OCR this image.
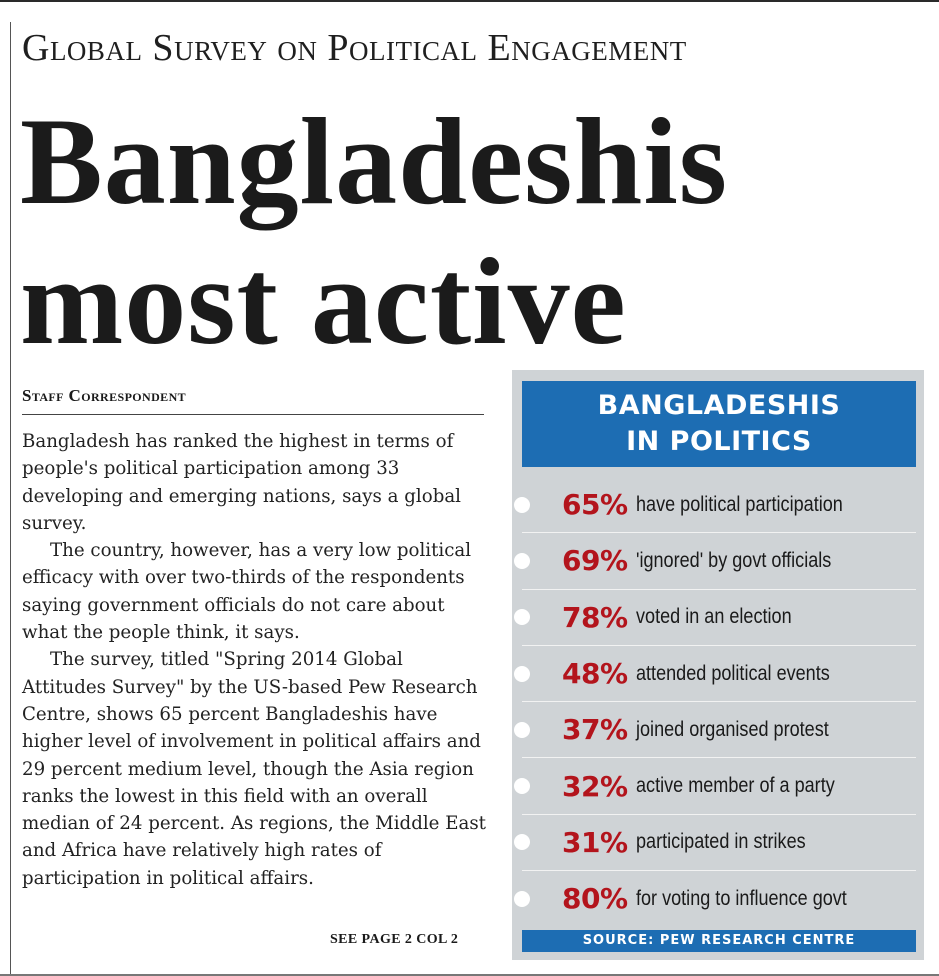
Global Survey on Political Engagement
Bangladeshis
most active
Staff Correspondent

Bangladesh has ranked the highest in terms of people's political participation among 33 developing and emerging nations, says a global survey.

The country, however, has a very low political efficacy with over two-thirds of the respondents saying government officials do not care about what the people think, it says.

The survey, titled "Spring 2014 Global Attitudes Survey" by the US-based Pew Research Centre, shows 65 percent Bangladeshis have higher level of involvement in political affairs and 29 percent medium level, though the Asia region ranks the lowest in this field with an overall median of 24 percent. As regions, the Middle East and Africa have relatively high rates of participation in political affairs.

SEE PAGE 2 COL 2
BANGLADESHIS
IN POLITICS
65% have political participation
69% 'ignored' by govt officials
78% voted in an election
48% attended political events
37% joined organised protest
32% active member of a party
31% participated in strikes
80% for voting to influence govt
SOURCE: PEW RESEARCH CENTRE
